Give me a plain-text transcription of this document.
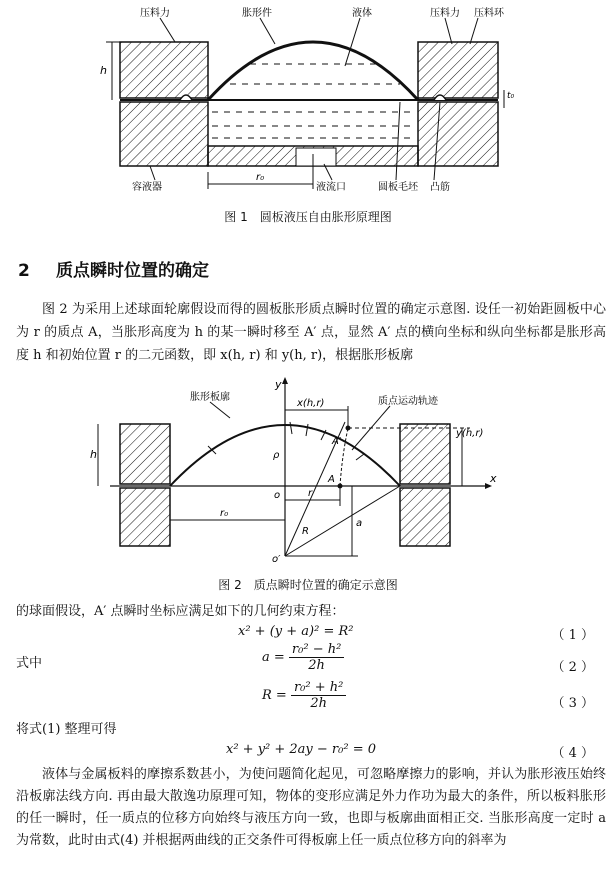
压料力	胀形件	液体	压料力 压料环
h
t₀
容液器
r₀
液流口	圆板毛坯 凸筋
图 1　圆板液压自由胀形原理图
2 质点瞬时位置的确定
图 2 为采用上述球面轮廓假设而得的圆板胀形质点瞬时位置的确定示意图. 设任一初始距圆板中心为 r 的质点 A，当胀形高度为 h 的某一瞬时移至 A′ 点，显然 A′ 点的横向坐标和纵向坐标都是胀形高度 h 和初始位置 r 的二元函数，即 x(h, r) 和 y(h, r)，根据胀形板廓
y
胀形板廓
x(h,r)	质点运动轨迹
A′
y(h,r)
h	ρ
A	x
o	r
r₀
R
a
o′
图 2　质点瞬时位置的确定示意图
的球面假设，A′ 点瞬时坐标应满足如下的几何约束方程：
x² + (y + a)² = R²	（ 1 ）
式中	$a = \frac{\text{r₀² − h²}}{2h}$	（ 2 ）
$R = \frac{\text{r₀² + h²}}{2h}$	（ 3 ）
将式(1) 整理可得
x² + y² + 2ay − r₀² = 0	（ 4 ）
液体与金属板料的摩擦系数甚小，为使问题简化起见，可忽略摩擦力的影响，并认为胀形液压始终沿板廓法线方向. 再由最大散逸功原理可知，物体的变形应满足外力作功为最大的条件，所以板料胀形的任一瞬时，任一质点的位移方向始终与液压方向一致，也即与板廓曲面相正交. 当胀形高度一定时 a 为常数，此时由式(4) 并根据两曲线的正交条件可得板廓上任一质点位移方向的斜率为
